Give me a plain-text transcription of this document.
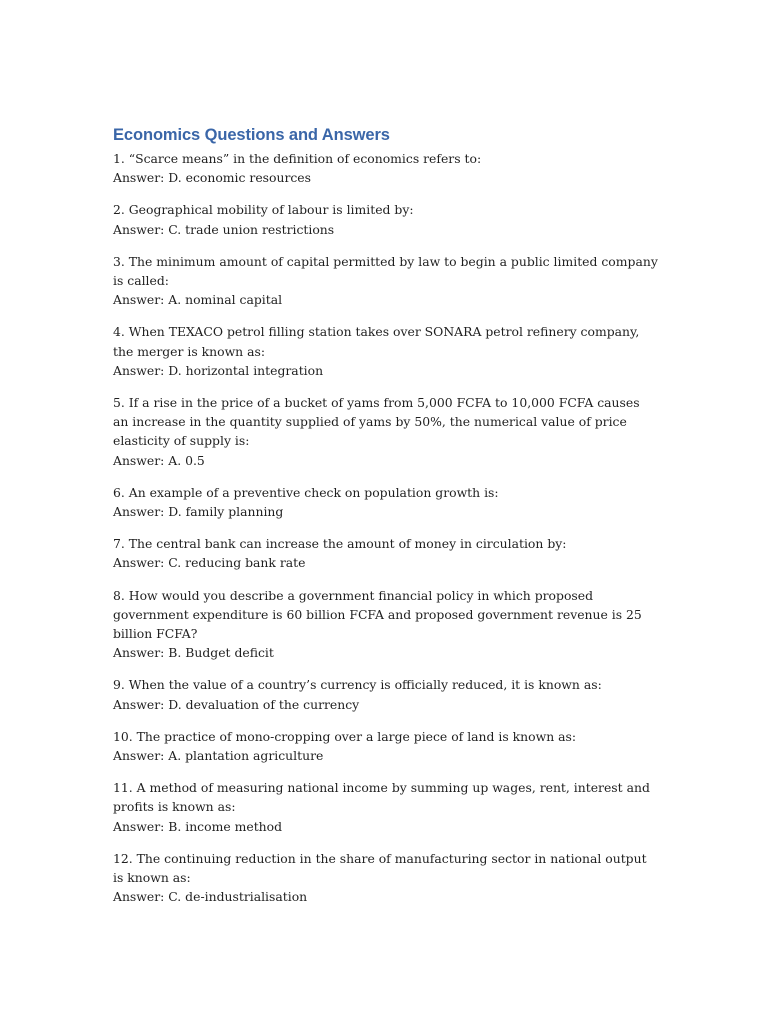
Economics Questions and Answers

1. “Scarce means” in the definition of economics refers to:

Answer: D. economic resources

2. Geographical mobility of labour is limited by:

Answer: C. trade union restrictions

3. The minimum amount of capital permitted by law to begin a public limited company is called:

Answer: A. nominal capital

4. When TEXACO petrol filling station takes over SONARA petrol refinery company, the merger is known as:

Answer: D. horizontal integration

5. If a rise in the price of a bucket of yams from 5,000 FCFA to 10,000 FCFA causes an increase in the quantity supplied of yams by 50%, the numerical value of price elasticity of supply is:

Answer: A. 0.5

6. An example of a preventive check on population growth is:

Answer: D. family planning

7. The central bank can increase the amount of money in circulation by:

Answer: C. reducing bank rate

8. How would you describe a government financial policy in which proposed government expenditure is 60 billion FCFA and proposed government revenue is 25 billion FCFA?

Answer: B. Budget deficit

9. When the value of a country’s currency is officially reduced, it is known as:

Answer: D. devaluation of the currency

10. The practice of mono-cropping over a large piece of land is known as:

Answer: A. plantation agriculture

11. A method of measuring national income by summing up wages, rent, interest and profits is known as:

Answer: B. income method

12. The continuing reduction in the share of manufacturing sector in national output is known as:

Answer: C. de-industrialisation
